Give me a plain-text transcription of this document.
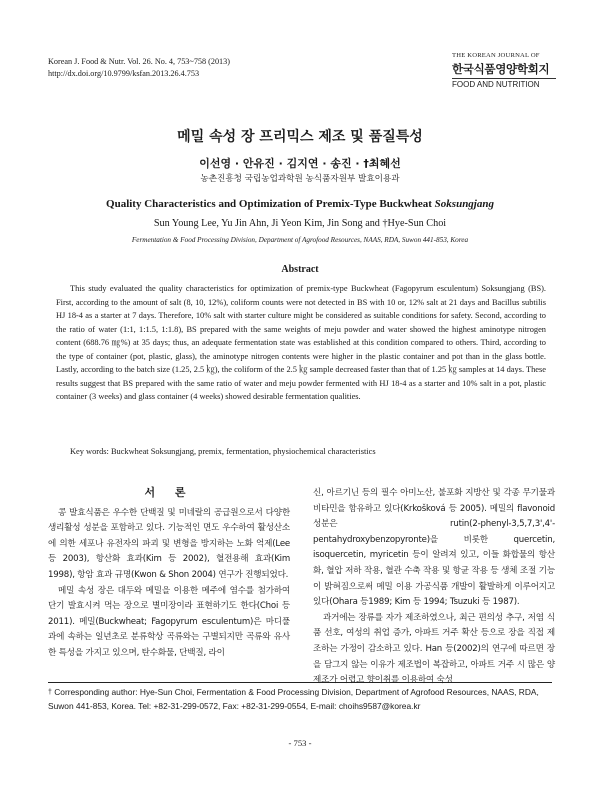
Korean J. Food & Nutr. Vol. 26. No. 4, 753~758 (2013)
http://dx.doi.org/10.9799/ksfan.2013.26.4.753
THE KOREAN JOURNAL OF
한국식품영양학회지
FOOD AND NUTRITION
메밀 속성 장 프리믹스 제조 및 품질특성
이선영 · 안유진 · 김지연 · 송진 · †최혜선
농촌진흥청 국립농업과학원 농식품자원부 발효이용과
Quality Characteristics and Optimization of Premix-Type Buckwheat Soksungjang
Sun Young Lee, Yu Jin Ahn, Ji Yeon Kim, Jin Song and †Hye-Sun Choi
Fermentation & Food Processing Division, Department of Agrofood Resources, NAAS, RDA, Suwon 441-853, Korea
Abstract
This study evaluated the quality characteristics for optimization of premix-type Buckwheat (Fagopyrum esculentum) Soksungjang (BS). First, according to the amount of salt (8, 10, 12%), coliform counts were not detected in BS with 10 or, 12% salt at 21 days and Bacillus subtilis HJ 18-4 as a starter at 7 days. Therefore, 10% salt with starter culture might be considered as suitable conditions for safety. Second, according to the ratio of water (1:1, 1:1.5, 1:1.8), BS prepared with the same weights of meju powder and water showed the highest aminotype nitrogen content (688.76 ㎎%) at 35 days; thus, an adequate fermentation state was established at this condition compared to others. Third, according to the type of container (pot, plastic, glass), the aminotype nitrogen contents were higher in the plastic container and pot than in the glass bottle. Lastly, according to the batch size (1.25, 2.5 ㎏), the coliform of the 2.5 ㎏ sample decreased faster than that of 1.25 ㎏ samples at 14 days. These results suggest that BS prepared with the same ratio of water and meju powder fermented with HJ 18-4 as a starter and 10% salt in a pot, plastic container (3 weeks) and glass container (4 weeks) showed desirable fermentation qualities.
Key words: Buckwheat Soksungjang, premix, fermentation, physiochemical characteristics
서 론

콩 발효식품은 우수한 단백질 및 미네랄의 공급원으로서 다양한 생리활성 성분을 포함하고 있다. 기능적인 면도 우수하여 활성산소에 의한 세포나 유전자의 파괴 및 변형을 방지하는 노화 억제(Lee 등 2003), 항산화 효과(Kim 등 2002), 혈전용해 효과(Kim 1998), 항암 효과 규명(Kwon & Shon 2004) 연구가 진행되었다.

메밀 속성 장은 대두와 메밀을 이용한 메주에 염수를 첨가하여 단기 발효시켜 먹는 장으로 별미장이라 표현하기도 한다(Choi 등 2011). 메밀(Buckwheat; Fagopyrum esculentum)은 마디풀과에 속하는 일년초로 분류학상 곡류와는 구별되지만 곡류와 유사한 특성을 가지고 있으며, 탄수화물, 단백질, 라이

신, 아르기닌 등의 필수 아미노산, 불포화 지방산 및 각종 무기물과 비타민을 함유하고 있다(Krkošková 등 2005). 메밀의 flavonoid 성분은 rutin(2-phenyl-3,5,7,3',4'-pentahydroxybenzopyronte)을 비롯한 quercetin, isoquercetin, myricetin 등이 알려져 있고, 이들 화합물의 항산화, 혈압 저하 작용, 혈관 수축 작용 및 항균 작용 등 생체 조절 기능이 밝혀짐으로써 메밀 이용 가공식품 개발이 활발하게 이루어지고 있다(Ohara 등1989; Kim 등 1994; Tsuzuki 등 1987).

과거에는 장류를 자가 제조하였으나, 최근 편의성 추구, 저염 식품 선호, 여성의 취업 증가, 아파트 거주 확산 등으로 장을 직접 제조하는 가정이 감소하고 있다. Han 등(2002)의 연구에 따르면 장을 담그지 않는 이유가 제조법이 복잡하고, 아파트 거주 시 많은 양 제조가 어렵고 향이취를 이용하여 숙성

† Corresponding author: Hye-Sun Choi, Fermentation & Food Processing Division, Department of Agrofood Resources, NAAS, RDA, Suwon 441-853, Korea. Tel: +82-31-299-0572, Fax: +82-31-299-0554, E-mail: choihs9587@korea.kr
- 753 -
